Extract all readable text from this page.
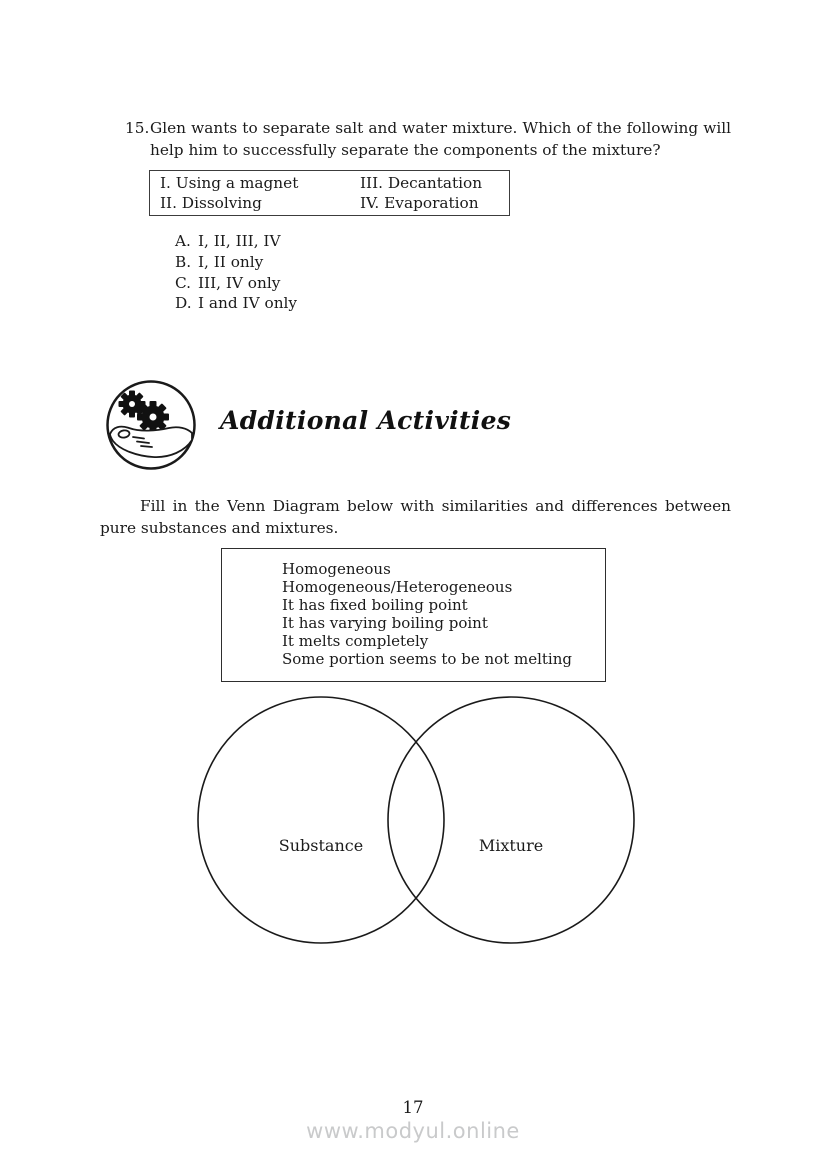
15.Glen wants to separate salt and water mixture. Which of the following will help him to successfully separate the components of the mixture?
I. Using a magnet
II. Dissolving
III. Decantation
IV. Evaporation
A. I, II, III, IV
B. I, II only
C. III, IV only
D. I and IV only
Additional Activities
Fill in the Venn Diagram below with similarities and differences between pure substances and mixtures.
Homogeneous
Homogeneous/Heterogeneous
It has fixed boiling point
It has varying boiling point
It melts completely
Some portion seems to be not melting
Substance	Mixture
17
www.modyul.online
